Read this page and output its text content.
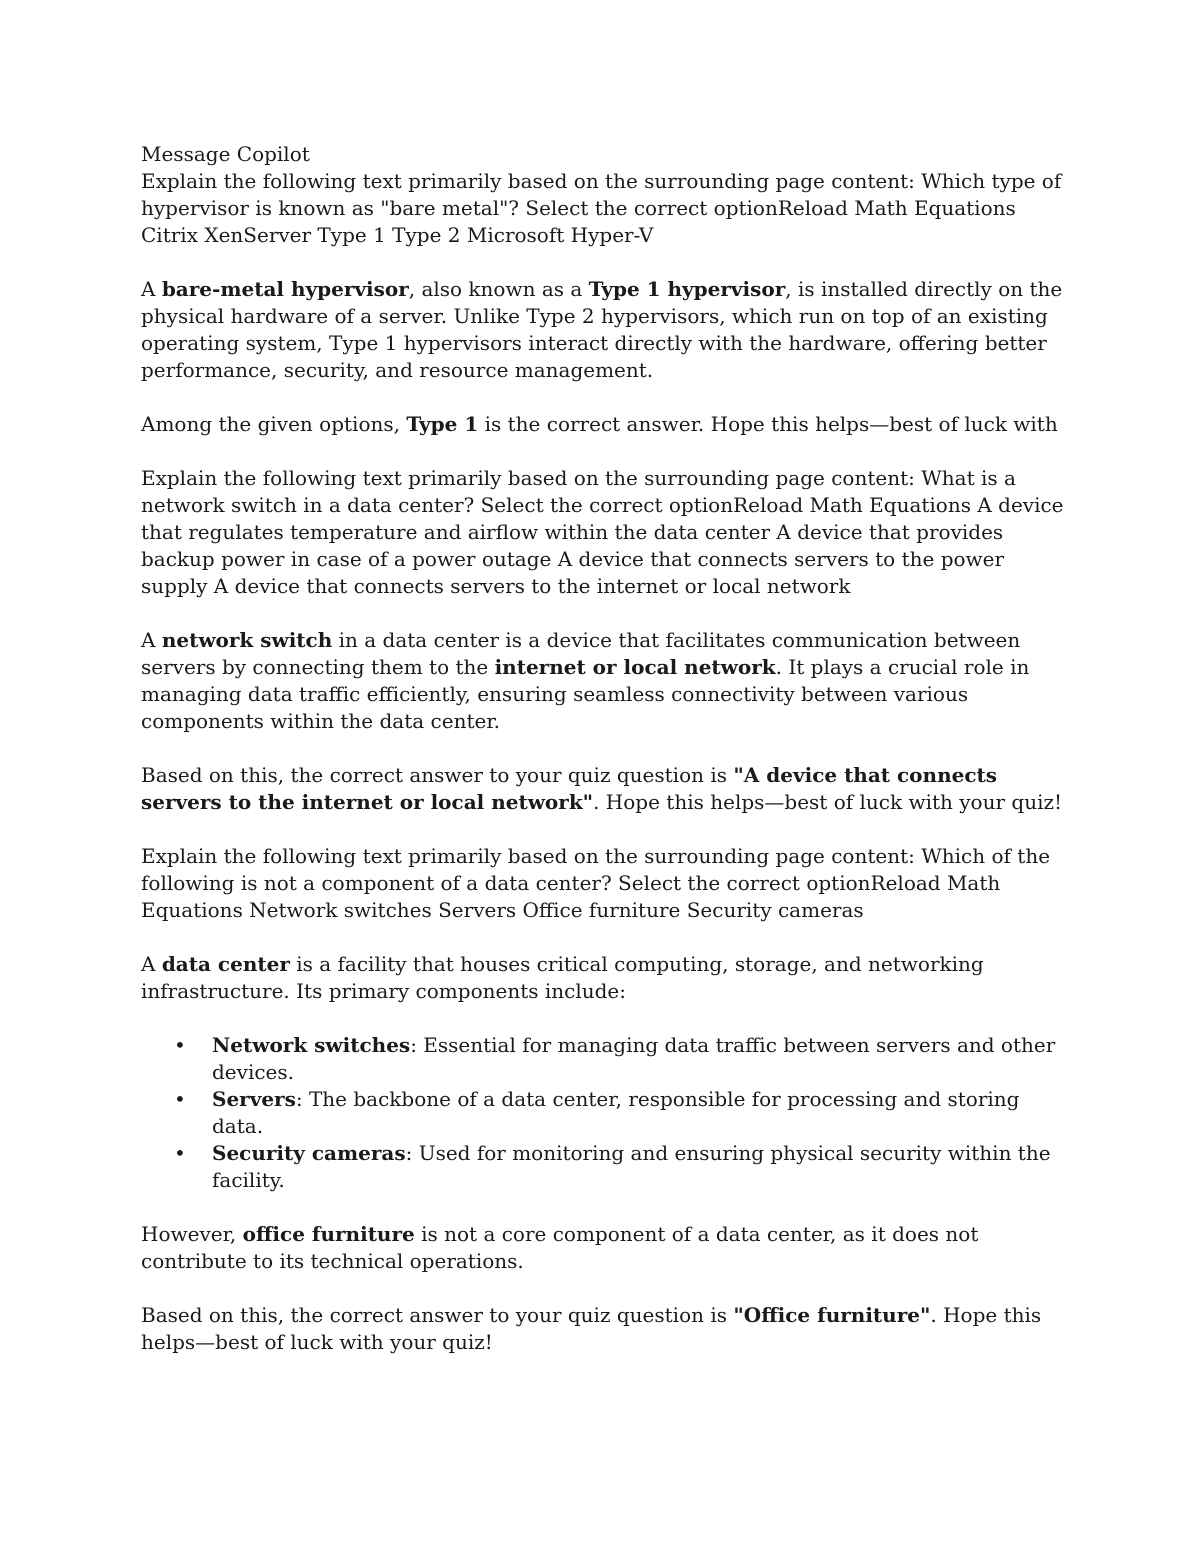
Message Copilot

Explain the following text primarily based on the surrounding page content: Which type of hypervisor is known as "bare metal"? Select the correct optionReload Math Equations Citrix XenServer Type 1 Type 2 Microsoft Hyper-V

A bare-metal hypervisor, also known as a Type 1 hypervisor, is installed directly on the physical hardware of a server. Unlike Type 2 hypervisors, which run on top of an existing operating system, Type 1 hypervisors interact directly with the hardware, offering better performance, security, and resource management.

Among the given options, Type 1 is the correct answer. Hope this helps—best of luck with

Explain the following text primarily based on the surrounding page content: What is a network switch in a data center? Select the correct optionReload Math Equations A device that regulates temperature and airflow within the data center A device that provides backup power in case of a power outage A device that connects servers to the power supply A device that connects servers to the internet or local network

A network switch in a data center is a device that facilitates communication between servers by connecting them to the internet or local network. It plays a crucial role in managing data traffic efficiently, ensuring seamless connectivity between various components within the data center.

Based on this, the correct answer to your quiz question is "A device that connects servers to the internet or local network". Hope this helps—best of luck with your quiz!

Explain the following text primarily based on the surrounding page content: Which of the following is not a component of a data center? Select the correct optionReload Math Equations Network switches Servers Office furniture Security cameras

A data center is a facility that houses critical computing, storage, and networking infrastructure. Its primary components include:

• Network switches: Essential for managing data traffic between servers and other devices.
• Servers: The backbone of a data center, responsible for processing and storing data.
• Security cameras: Used for monitoring and ensuring physical security within the facility.

However, office furniture is not a core component of a data center, as it does not contribute to its technical operations.

Based on this, the correct answer to your quiz question is "Office furniture". Hope this helps—best of luck with your quiz!
